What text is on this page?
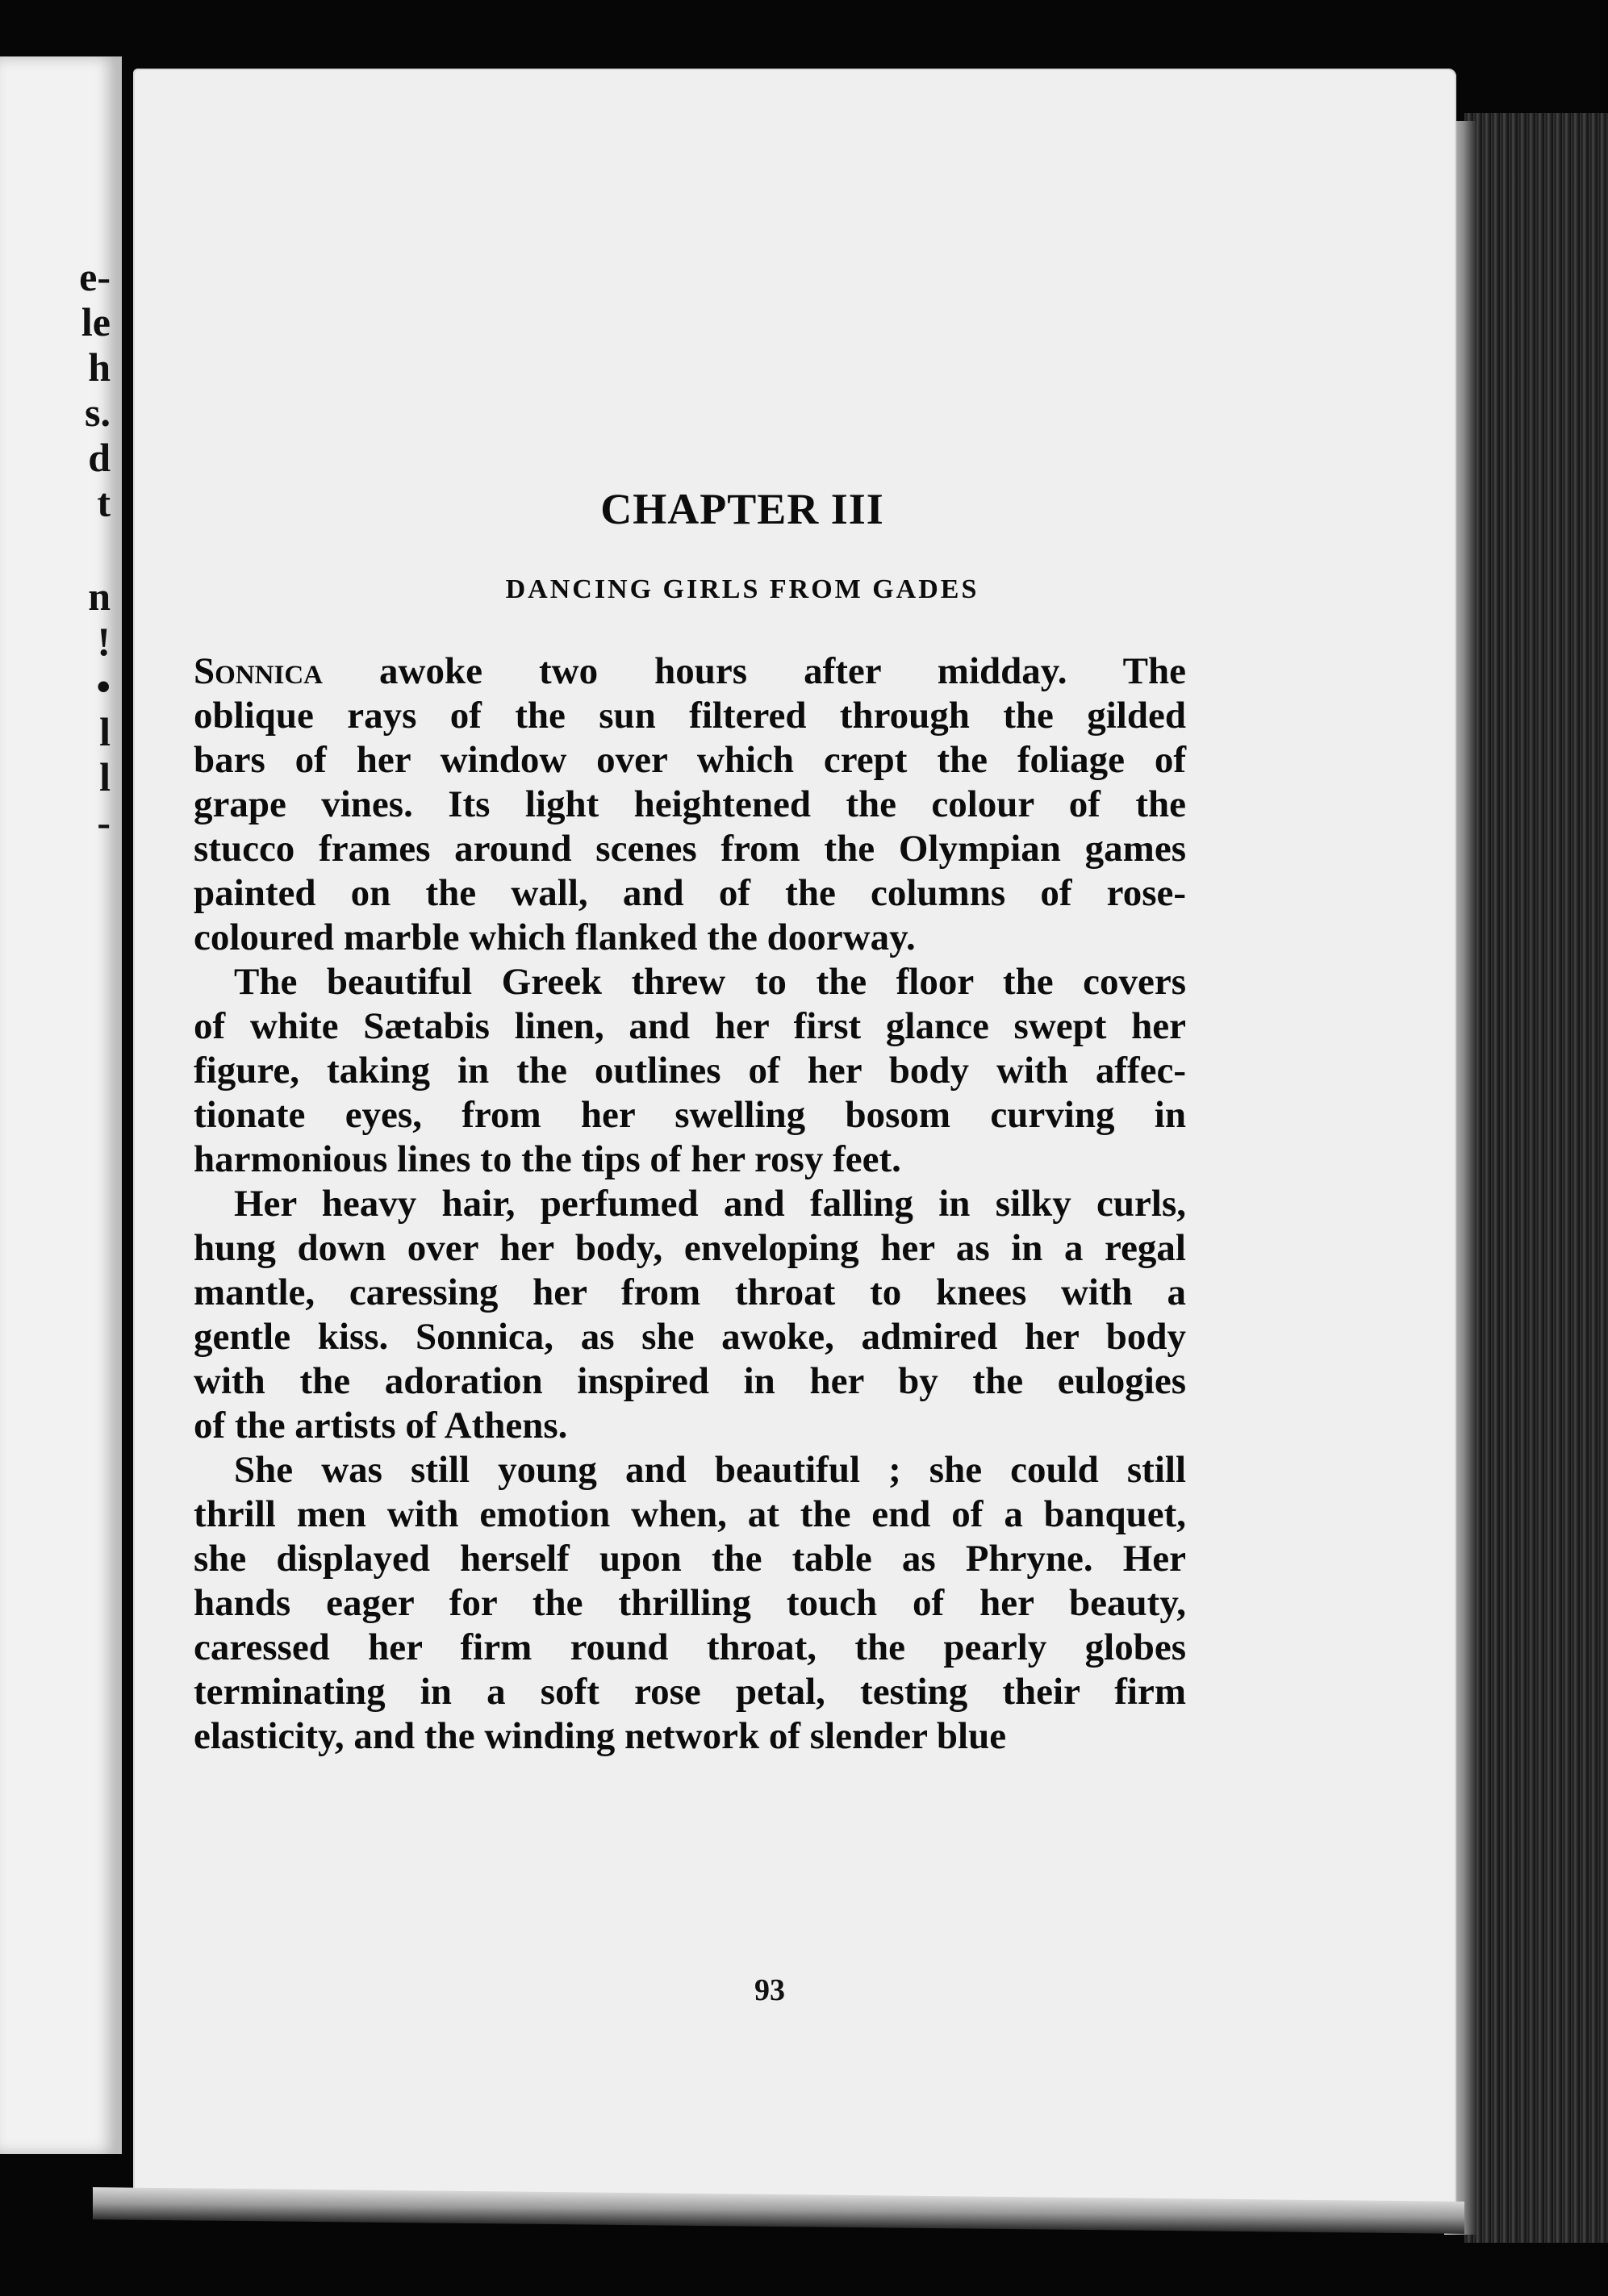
e-
le
h
s.
d
t
n
!
•
l
l
-
CHAPTER III
DANCING GIRLS FROM GADES
Sonnica awoke two hours after midday. The
oblique rays of the sun filtered through the gilded
bars of her window over which crept the foliage of
grape vines. Its light heightened the colour of the
stucco frames around scenes from the Olympian games
painted on the wall, and of the columns of rose-
coloured marble which flanked the doorway.
The beautiful Greek threw to the floor the covers
of white Sætabis linen, and her first glance swept her
figure, taking in the outlines of her body with affec-
tionate eyes, from her swelling bosom curving in
harmonious lines to the tips of her rosy feet.
Her heavy hair, perfumed and falling in silky curls,
hung down over her body, enveloping her as in a regal
mantle, caressing her from throat to knees with a
gentle kiss. Sonnica, as she awoke, admired her body
with the adoration inspired in her by the eulogies
of the artists of Athens.
She was still young and beautiful ; she could still
thrill men with emotion when, at the end of a banquet,
she displayed herself upon the table as Phryne. Her
hands eager for the thrilling touch of her beauty,
caressed her firm round throat, the pearly globes
terminating in a soft rose petal, testing their firm
elasticity, and the winding network of slender blue
93
